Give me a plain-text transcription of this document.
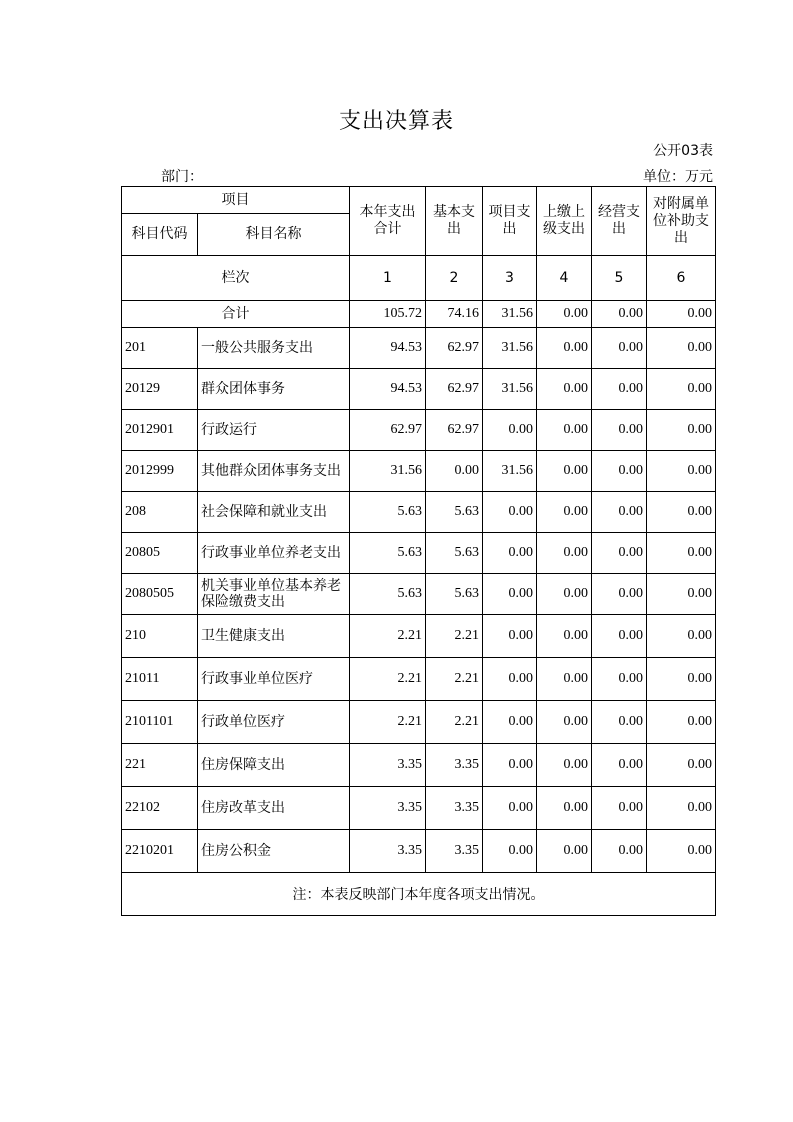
支出决算表
公开03表
部门：	单位：万元
项目		本年支出合计	基本支出	项目支出	上缴上级支出	经营支出	对附属单位补助支出
科目代码	科目名称						
栏次		1	2	3	4	5	6
合计		105.72	74.16	31.56	0.00	0.00	0.00
201	一般公共服务支出	94.53	62.97	31.56	0.00	0.00	0.00
20129	群众团体事务	94.53	62.97	31.56	0.00	0.00	0.00
2012901	行政运行	62.97	62.97	0.00	0.00	0.00	0.00
2012999	其他群众团体事务支出	31.56	0.00	31.56	0.00	0.00	0.00
208	社会保障和就业支出	5.63	5.63	0.00	0.00	0.00	0.00
20805	行政事业单位养老支出	5.63	5.63	0.00	0.00	0.00	0.00
2080505	机关事业单位基本养老保险缴费支出	5.63	5.63	0.00	0.00	0.00	0.00
210	卫生健康支出	2.21	2.21	0.00	0.00	0.00	0.00
21011	行政事业单位医疗	2.21	2.21	0.00	0.00	0.00	0.00
2101101	行政单位医疗	2.21	2.21	0.00	0.00	0.00	0.00
221	住房保障支出	3.35	3.35	0.00	0.00	0.00	0.00
22102	住房改革支出	3.35	3.35	0.00	0.00	0.00	0.00
2210201	住房公积金	3.35	3.35	0.00	0.00	0.00	0.00
注：本表反映部门本年度各项支出情况。							
